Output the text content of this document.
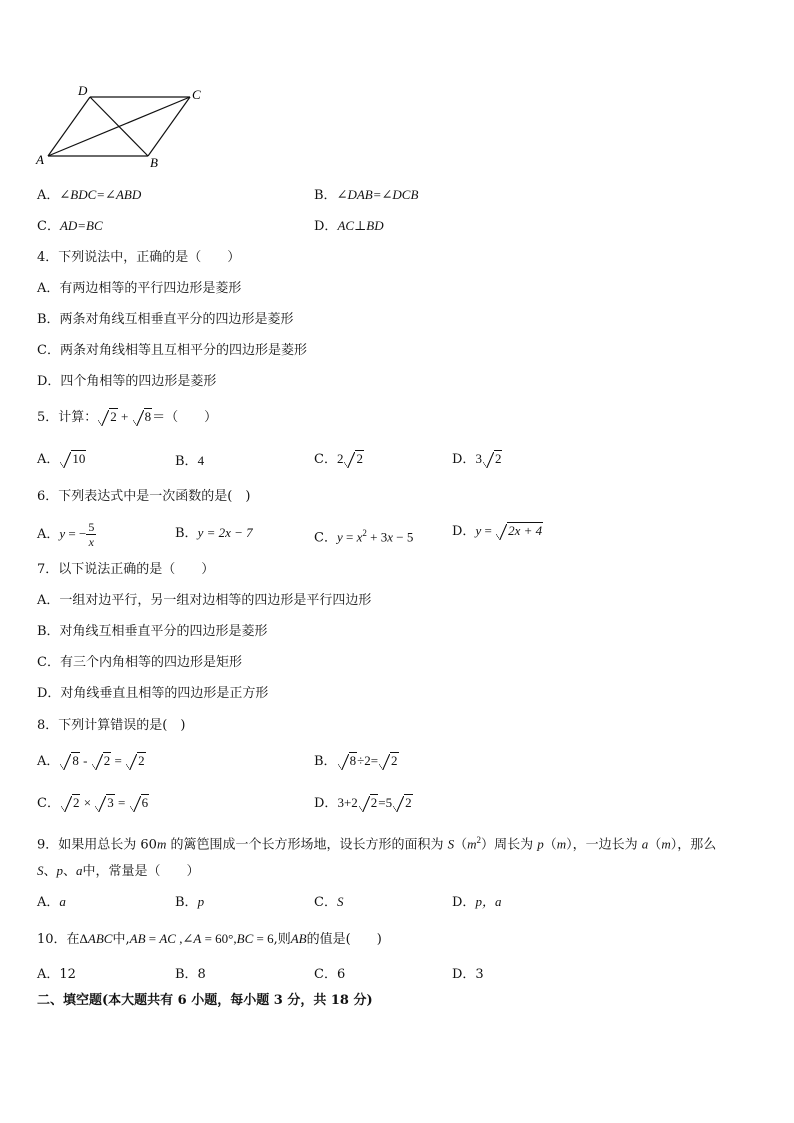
A	B
C
D
A．∠BDC=∠ABD	B．∠DAB=∠DCB
C．AD=BC	D．AC⊥BD
4．下列说法中，正确的是（　　）
A．有两边相等的平行四边形是菱形
B．两条对角线互相垂直平分的四边形是菱形
C．两条对角线相等且互相平分的四边形是菱形
D．四个角相等的四边形是菱形
5．计算： 2 + 8＝（　　）
A． 10	B．4	C．2 2	D．3 2
6．下列表达式中是一次函数的是(　)
A．y = − $\frac{5}{x}$	B．y = 2x − 7	C．$y = x^2 + 3x - 5$	D．y = 2x + 4
7．以下说法正确的是（　　）
A．一组对边平行，另一组对边相等的四边形是平行四边形
B．对角线互相垂直平分的四边形是菱形
C．有三个内角相等的四边形是矩形
D．对角线垂直且相等的四边形是正方形
8．下列计算错误的是(　)
A． 8 - 2 = 2	B． 8÷2= 2
C． 2 × 3 = 6	D．3+2 2=5 2
9．如果用总长为 60m 的篱笆围成一个长方形场地，设长方形的面积为 $S(m^2)$周长为 p（m），一边长为 a（m），那么
S、p、a中，常量是（　　）
A．a	B．p	C．S	D．p，a
10．在ΔABC中,AB = AC ,∠A = 60°,BC = 6,则AB的值是(　　)
A．12	B．8	C．6	D．3
二、填空题(本大题共有 6 小题，每小题 3 分，共 18 分)
